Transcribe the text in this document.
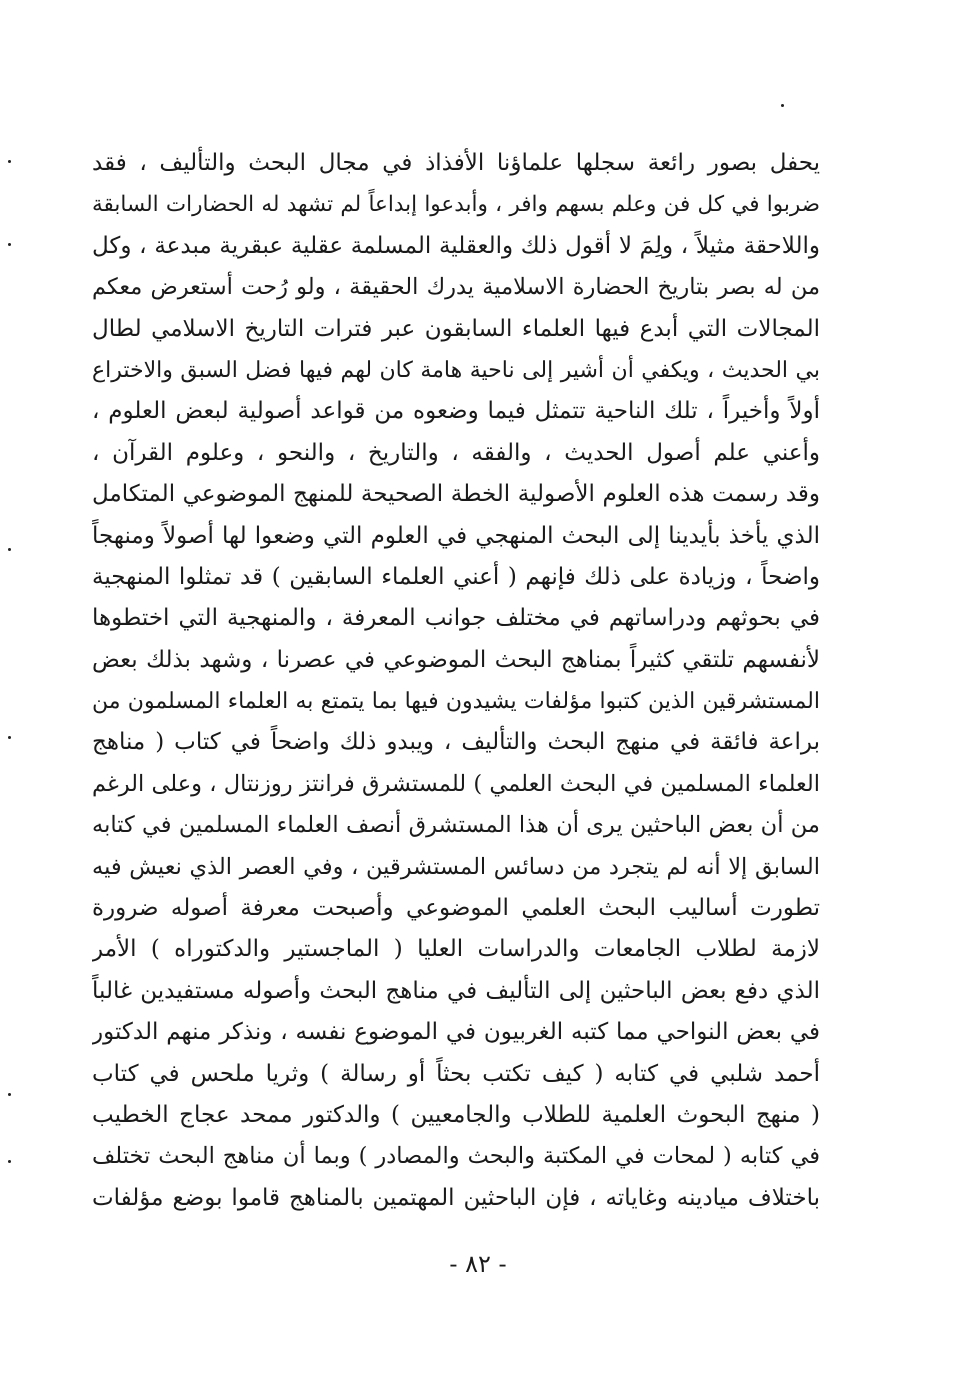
يحفل بصور رائعة سجلها علماؤنا الأفذاذ في مجال البحث والتأليف ، فقد
ضربوا في كل فن وعلم بسهم وافر ، وأبدعوا إبداعاً لم تشهد له الحضارات السابقة
واللاحقة مثيلاً ، ولِمَ لا أقول ذلك والعقلية المسلمة عقلية عبقرية مبدعة ، وكل
من له بصر بتاريخ الحضارة الاسلامية يدرك الحقيقة ، ولو رُحت أستعرض معكم
المجالات التي أبدع فيها العلماء السابقون عبر فترات التاريخ الاسلامي لطال
بي الحديث ، ويكفي أن أشير إلى ناحية هامة كان لهم فيها فضل السبق والاختراع
أولاً وأخيراً ، تلك الناحية تتمثل فيما وضعوه من قواعد أصولية لبعض العلوم ،
وأعني علم أصول الحديث ، والفقه ، والتاريخ ، والنحو ، وعلوم القرآن ،
وقد رسمت هذه العلوم الأصولية الخطة الصحيحة للمنهج الموضوعي المتكامل
الذي يأخذ بأيدينا إلى البحث المنهجي في العلوم التي وضعوا لها أصولاً ومنهجاً
واضحاً ، وزيادة على ذلك فإنهم ( أعني العلماء السابقين ) قد تمثلوا المنهجية
في بحوثهم ودراساتهم في مختلف جوانب المعرفة ، والمنهجية التي اختطوها
لأنفسهم تلتقي كثيراً بمناهج البحث الموضوعي في عصرنا ، وشهد بذلك بعض
المستشرقين الذين كتبوا مؤلفات يشيدون فيها بما يتمتع به العلماء المسلمون من
براعة فائقة في منهج البحث والتأليف ، ويبدو ذلك واضحاً في كتاب ( مناهج
العلماء المسلمين في البحث العلمي ) للمستشرق فرانتز روزنتال ، وعلى الرغم
من أن بعض الباحثين يرى أن هذا المستشرق أنصف العلماء المسلمين في كتابه
السابق إلا أنه لم يتجرد من دسائس المستشرقين ، وفي العصر الذي نعيش فيه
تطورت أساليب البحث العلمي الموضوعي وأصبحت معرفة أصوله ضرورة
لازمة لطلاب الجامعات والدراسات العليا ( الماجستير والدكتوراه ) الأمر
الذي دفع بعض الباحثين إلى التأليف في مناهج البحث وأصوله مستفيدين غالباً
في بعض النواحي مما كتبه الغربيون في الموضوع نفسه ، ونذكر منهم الدكتور
أحمد شلبي في كتابه ( كيف تكتب بحثاً أو رسالة ) وثريا ملحس في كتاب
( منهج البحوث العلمية للطلاب والجامعيين ) والدكتور ممحد عجاج الخطيب
في كتابه ( لمحات في المكتبة والبحث والمصادر ) وبما أن مناهج البحث تختلف
باختلاف ميادينه وغاياته ، فإن الباحثين المهتمين بالمناهج قاموا بوضع مؤلفات
- ٨٢ -
